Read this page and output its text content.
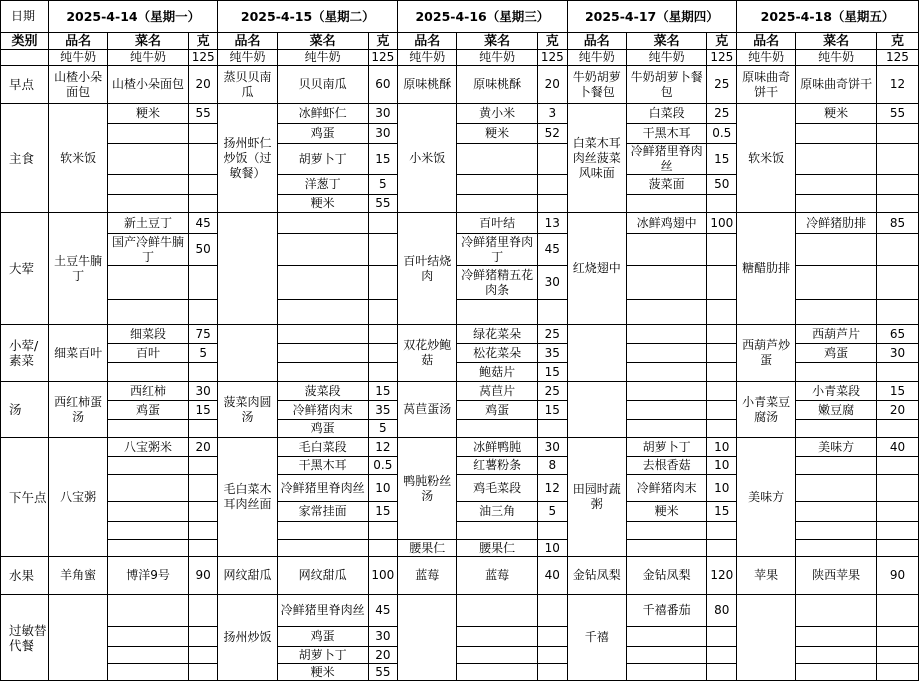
日期	2025-4-14（星期一）			2025-4-15（星期二）			2025-4-16（星期三）			2025-4-17（星期四）			2025-4-18（星期五）		
类别	品名	菜名	克	品名	菜名	克	品名	菜名	克	品名	菜名	克	品名	菜名	克
	纯牛奶	纯牛奶	125	纯牛奶	纯牛奶	125	纯牛奶	纯牛奶	125	纯牛奶	纯牛奶	125	纯牛奶	纯牛奶	125
早点	山楂小朵面包	山楂小朵面包	20	蒸贝贝南瓜	贝贝南瓜	60	原味桃酥	原味桃酥	20	牛奶胡萝卜餐包	牛奶胡萝卜餐包	25	原味曲奇饼干	原味曲奇饼干	12
主食	软米饭	粳米	55	扬州虾仁炒饭（过敏餐）	冰鲜虾仁	30	小米饭	黄小米	3	白菜木耳肉丝菠菜风味面	白菜段	25	软米饭	粳米	55
					鸡蛋	30		粳米	52		干黑木耳	0.5			
					胡萝卜丁	15					冷鲜猪里脊肉丝	15			
					洋葱丁	5					菠菜面	50			
					粳米	55									
大荤	土豆牛腩丁	新土豆丁	45				百叶结烧肉	百叶结	13	红烧翅中	冰鲜鸡翅中	100	糖醋肋排	冷鲜猪肋排	85
		国产冷鲜牛腩丁	50					冷鲜猪里脊肉丁	45						
								冷鲜猪精五花肉条	30						

小荤/素菜	细菜百叶	细菜段	75				双花炒鲍菇	绿花菜朵	25				西葫芦炒蛋	西葫芦片	65
		百叶	5					松花菜朵	35					鸡蛋	30
								鲍菇片	15						
汤	西红柿蛋汤	西红柿	30	菠菜肉圆汤	菠菜段	15	莴苣蛋汤	莴苣片	25				小青菜豆腐汤	小青菜段	15
		鸡蛋	15		冷鲜猪肉末	35		鸡蛋	15					嫩豆腐	20
					鸡蛋	5									
下午点	八宝粥	八宝粥米	20	毛白菜木耳肉丝面	毛白菜段	12	鸭肫粉丝汤	冰鲜鸭肫	30	田园时蔬粥	胡萝卜丁	10	美味方	美味方	40
					干黑木耳	0.5		红薯粉条	8		去根香菇	10			
					冷鲜猪里脊肉丝	10		鸡毛菜段	12		冷鲜猪肉末	10			
					家常挂面	15		油三角	5		粳米	15			

							腰果仁	腰果仁	10						
水果	羊角蜜	博洋9号	90	网纹甜瓜	网纹甜瓜	100	蓝莓	蓝莓	40	金钻凤梨	金钻凤梨	120	苹果	陕西苹果	90
过敏替代餐				扬州炒饭	冷鲜猪里脊肉丝	45				千禧	千禧番茄	80			
					鸡蛋	30									
					胡萝卜丁	20									
					粳米	55									
